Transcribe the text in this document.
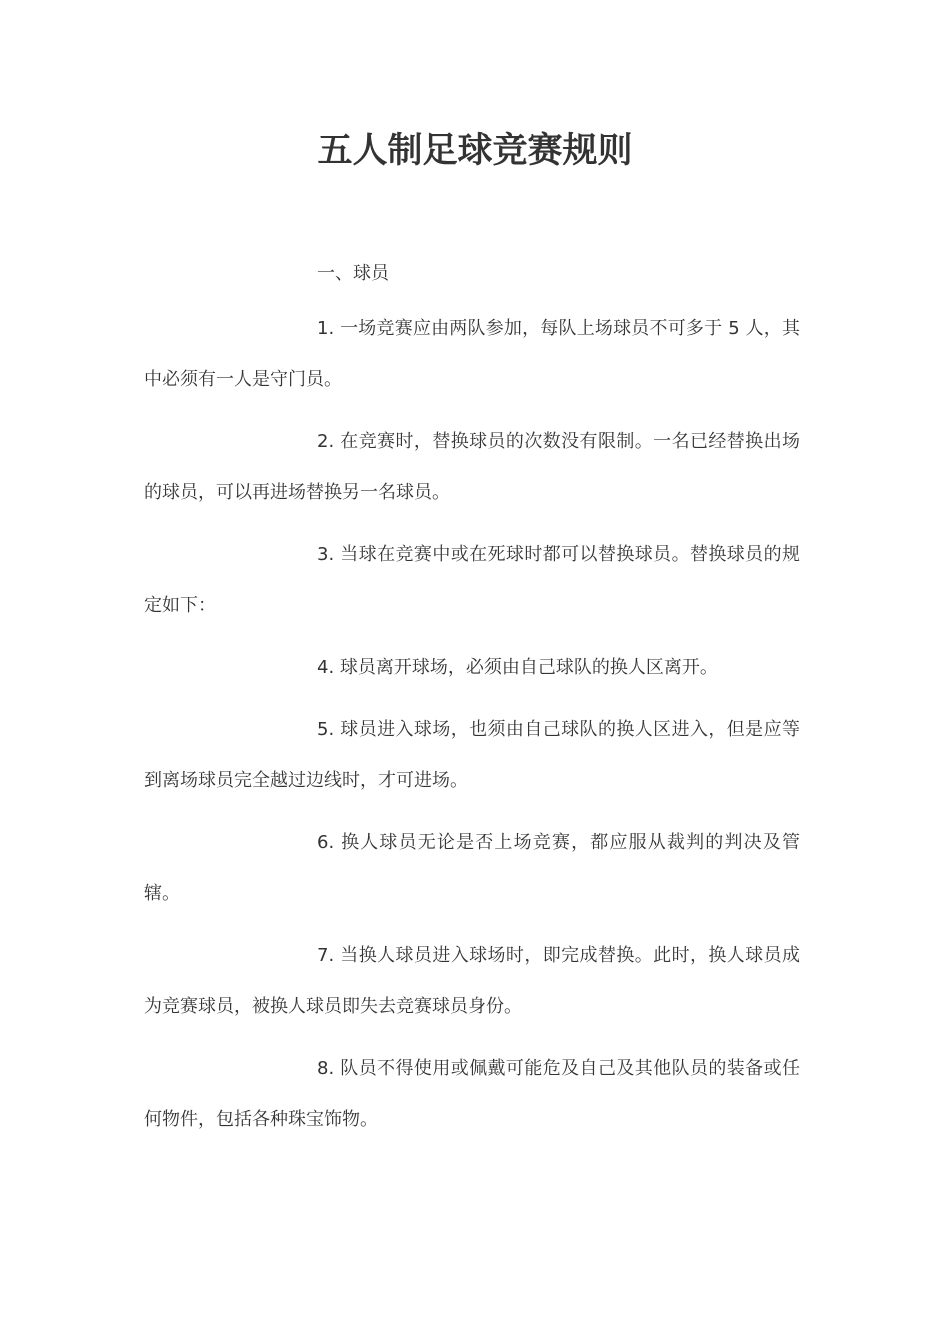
五人制足球竞赛规则

一、球员

1. 一场竞赛应由两队参加，每队上场球员不可多于 5 人，其中必须有一人是守门员。

2. 在竞赛时，替换球员的次数没有限制。一名已经替换出场的球员，可以再进场替换另一名球员。

3. 当球在竞赛中或在死球时都可以替换球员。替换球员的规定如下：

4. 球员离开球场，必须由自己球队的换人区离开。

5. 球员进入球场，也须由自己球队的换人区进入，但是应等到离场球员完全越过边线时，才可进场。

6. 换人球员无论是否上场竞赛，都应服从裁判的判决及管辖。

7. 当换人球员进入球场时，即完成替换。此时，换人球员成为竞赛球员，被换人球员即失去竞赛球员身份。

8. 队员不得使用或佩戴可能危及自己及其他队员的装备或任何物件，包括各种珠宝饰物。
